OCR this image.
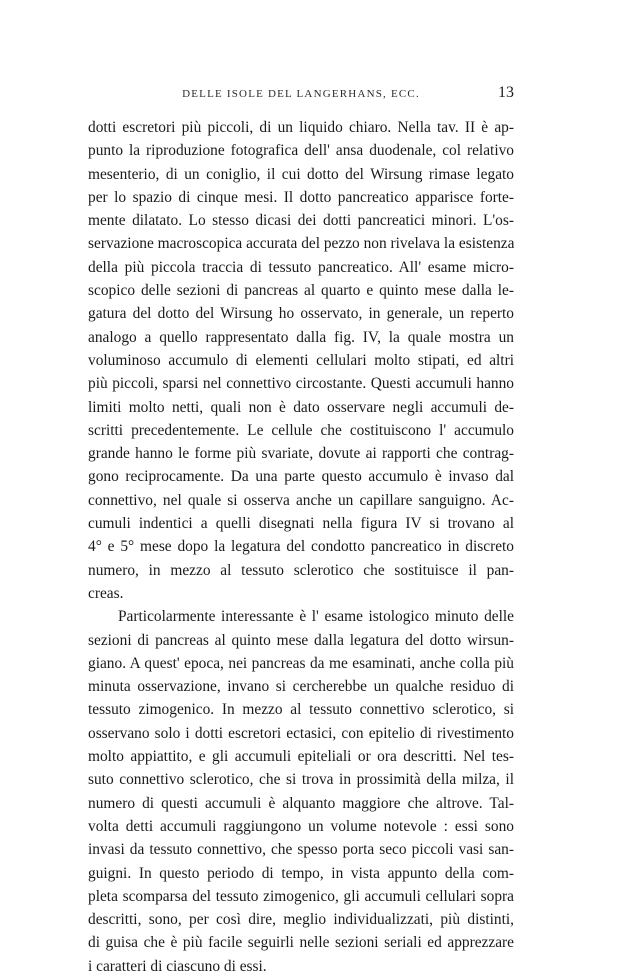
DELLE ISOLE DEL LANGERHANS, ECC.	13
dotti escretori più piccoli, di un liquido chiaro. Nella tav. II è ap-
punto la riproduzione fotografica dell' ansa duodenale, col relativo
mesenterio, di un coniglio, il cui dotto del Wirsung rimase legato
per lo spazio di cinque mesi. Il dotto pancreatico apparisce forte-
mente dilatato. Lo stesso dicasi dei dotti pancreatici minori. L'os-
servazione macroscopica accurata del pezzo non rivelava la esistenza
della più piccola traccia di tessuto pancreatico. All' esame micro-
scopico delle sezioni di pancreas al quarto e quinto mese dalla le-
gatura del dotto del Wirsung ho osservato, in generale, un reperto
analogo a quello rappresentato dalla fig. IV, la quale mostra un
voluminoso accumulo di elementi cellulari molto stipati, ed altri
più piccoli, sparsi nel connettivo circostante. Questi accumuli hanno
limiti molto netti, quali non è dato osservare negli accumuli de-
scritti precedentemente. Le cellule che costituiscono l' accumulo
grande hanno le forme più svariate, dovute ai rapporti che contrag-
gono reciprocamente. Da una parte questo accumulo è invaso dal
connettivo, nel quale si osserva anche un capillare sanguigno. Ac-
cumuli indentici a quelli disegnati nella figura IV si trovano al
4° e 5° mese dopo la legatura del condotto pancreatico in discreto
numero, in mezzo al tessuto sclerotico che sostituisce il pan-
creas.
Particolarmente interessante è l' esame istologico minuto delle
sezioni di pancreas al quinto mese dalla legatura del dotto wirsun-
giano. A quest' epoca, nei pancreas da me esaminati, anche colla più
minuta osservazione, invano si cercherebbe un qualche residuo di
tessuto zimogenico. In mezzo al tessuto connettivo sclerotico, si
osservano solo i dotti escretori ectasici, con epitelio di rivestimento
molto appiattito, e gli accumuli epiteliali or ora descritti. Nel tes-
suto connettivo sclerotico, che si trova in prossimità della milza, il
numero di questi accumuli è alquanto maggiore che altrove. Tal-
volta detti accumuli raggiungono un volume notevole : essi sono
invasi da tessuto connettivo, che spesso porta seco piccoli vasi san-
guigni. In questo periodo di tempo, in vista appunto della com-
pleta scomparsa del tessuto zimogenico, gli accumuli cellulari sopra
descritti, sono, per così dire, meglio individualizzati, più distinti,
di guisa che è più facile seguirli nelle sezioni seriali ed apprezzare
i caratteri di ciascuno di essi.
